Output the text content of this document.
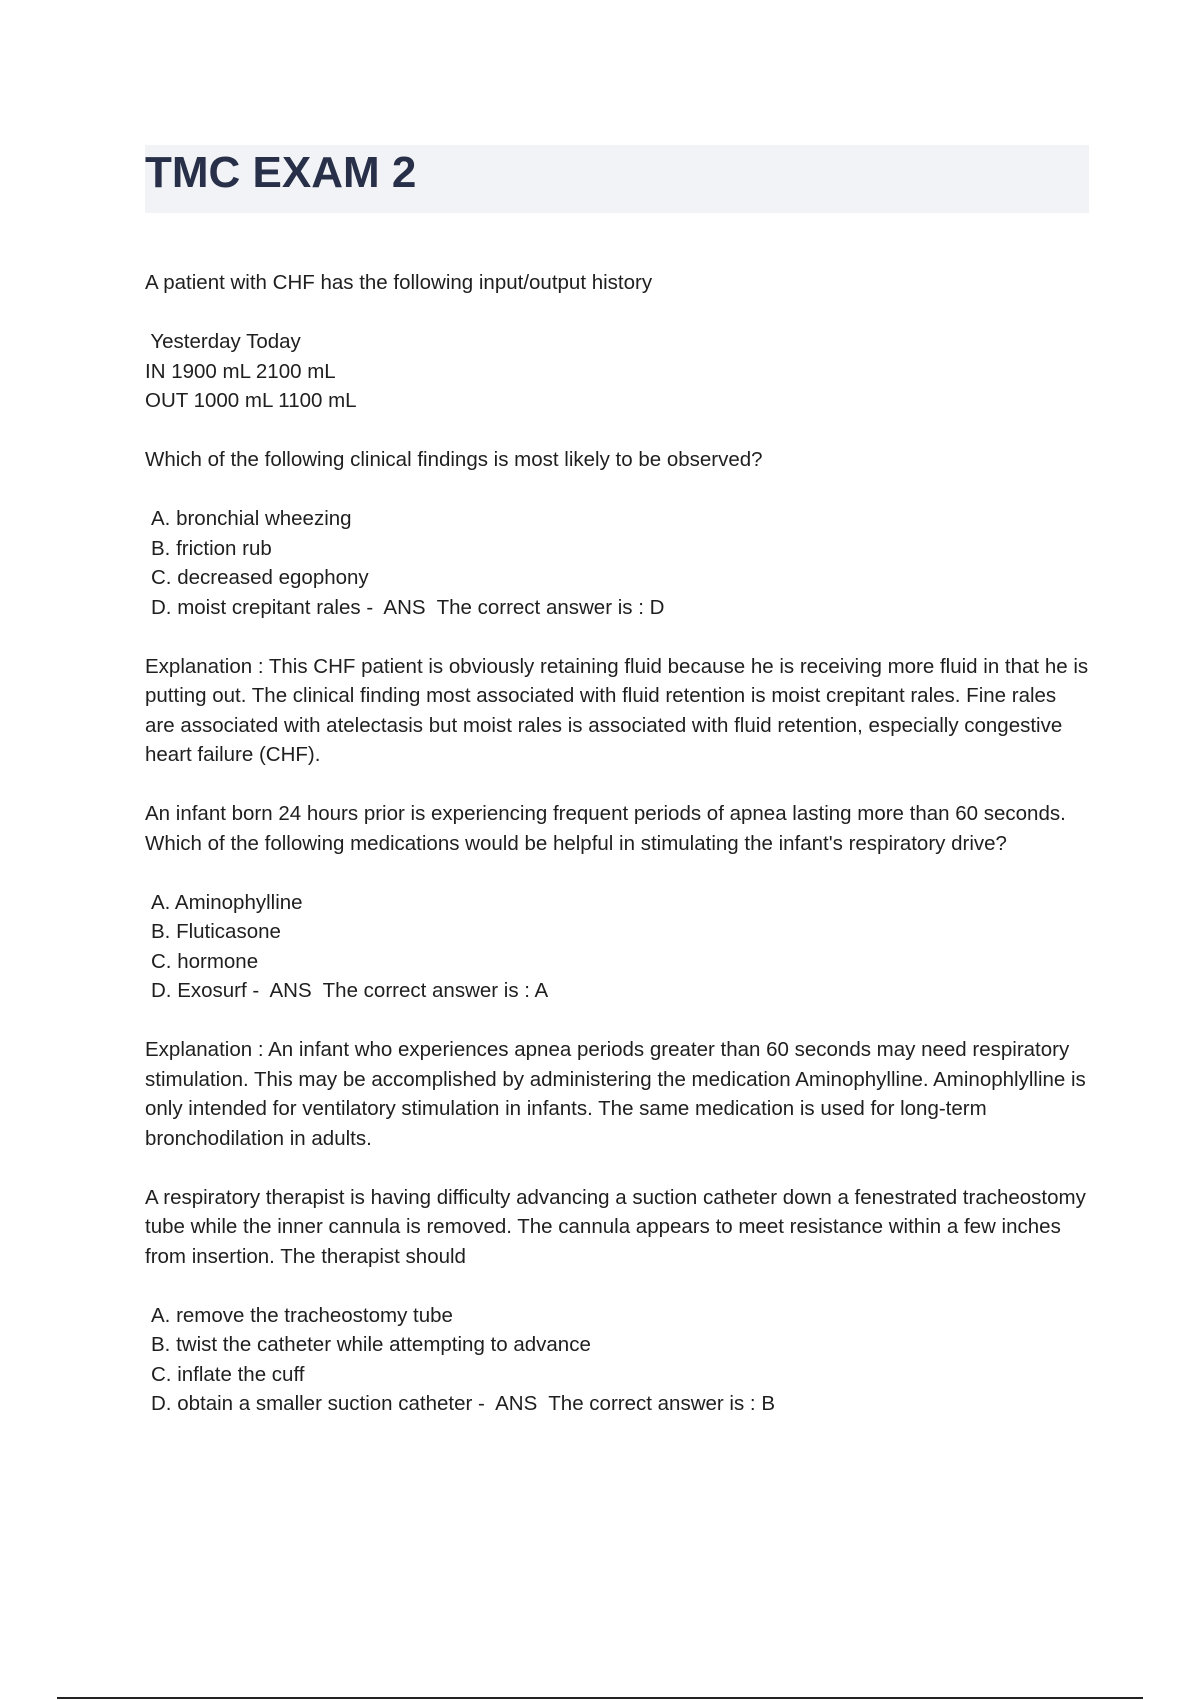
TMC EXAM 2

A patient with CHF has the following input/output history

Yesterday Today
IN 1900 mL 2100 mL
OUT 1000 mL 1100 mL

Which of the following clinical findings is most likely to be observed?

A. bronchial wheezing
B. friction rub
C. decreased egophony
D. moist crepitant rales -  ANS  The correct answer is : D

Explanation : This CHF patient is obviously retaining fluid because he is receiving more fluid in that he is putting out. The clinical finding most associated with fluid retention is moist crepitant rales. Fine rales are associated with atelectasis but moist rales is associated with fluid retention, especially congestive heart failure (CHF).

An infant born 24 hours prior is experiencing frequent periods of apnea lasting more than 60 seconds. Which of the following medications would be helpful in stimulating the infant's respiratory drive?

A. Aminophylline
B. Fluticasone
C. hormone
D. Exosurf -  ANS  The correct answer is : A

Explanation : An infant who experiences apnea periods greater than 60 seconds may need respiratory stimulation. This may be accomplished by administering the medication Aminophylline. Aminophlylline is only intended for ventilatory stimulation in infants. The same medication is used for long-term bronchodilation in adults.

A respiratory therapist is having difficulty advancing a suction catheter down a fenestrated tracheostomy tube while the inner cannula is removed. The cannula appears to meet resistance within a few inches from insertion. The therapist should

A. remove the tracheostomy tube
B. twist the catheter while attempting to advance
C. inflate the cuff
D. obtain a smaller suction catheter -  ANS  The correct answer is : B
